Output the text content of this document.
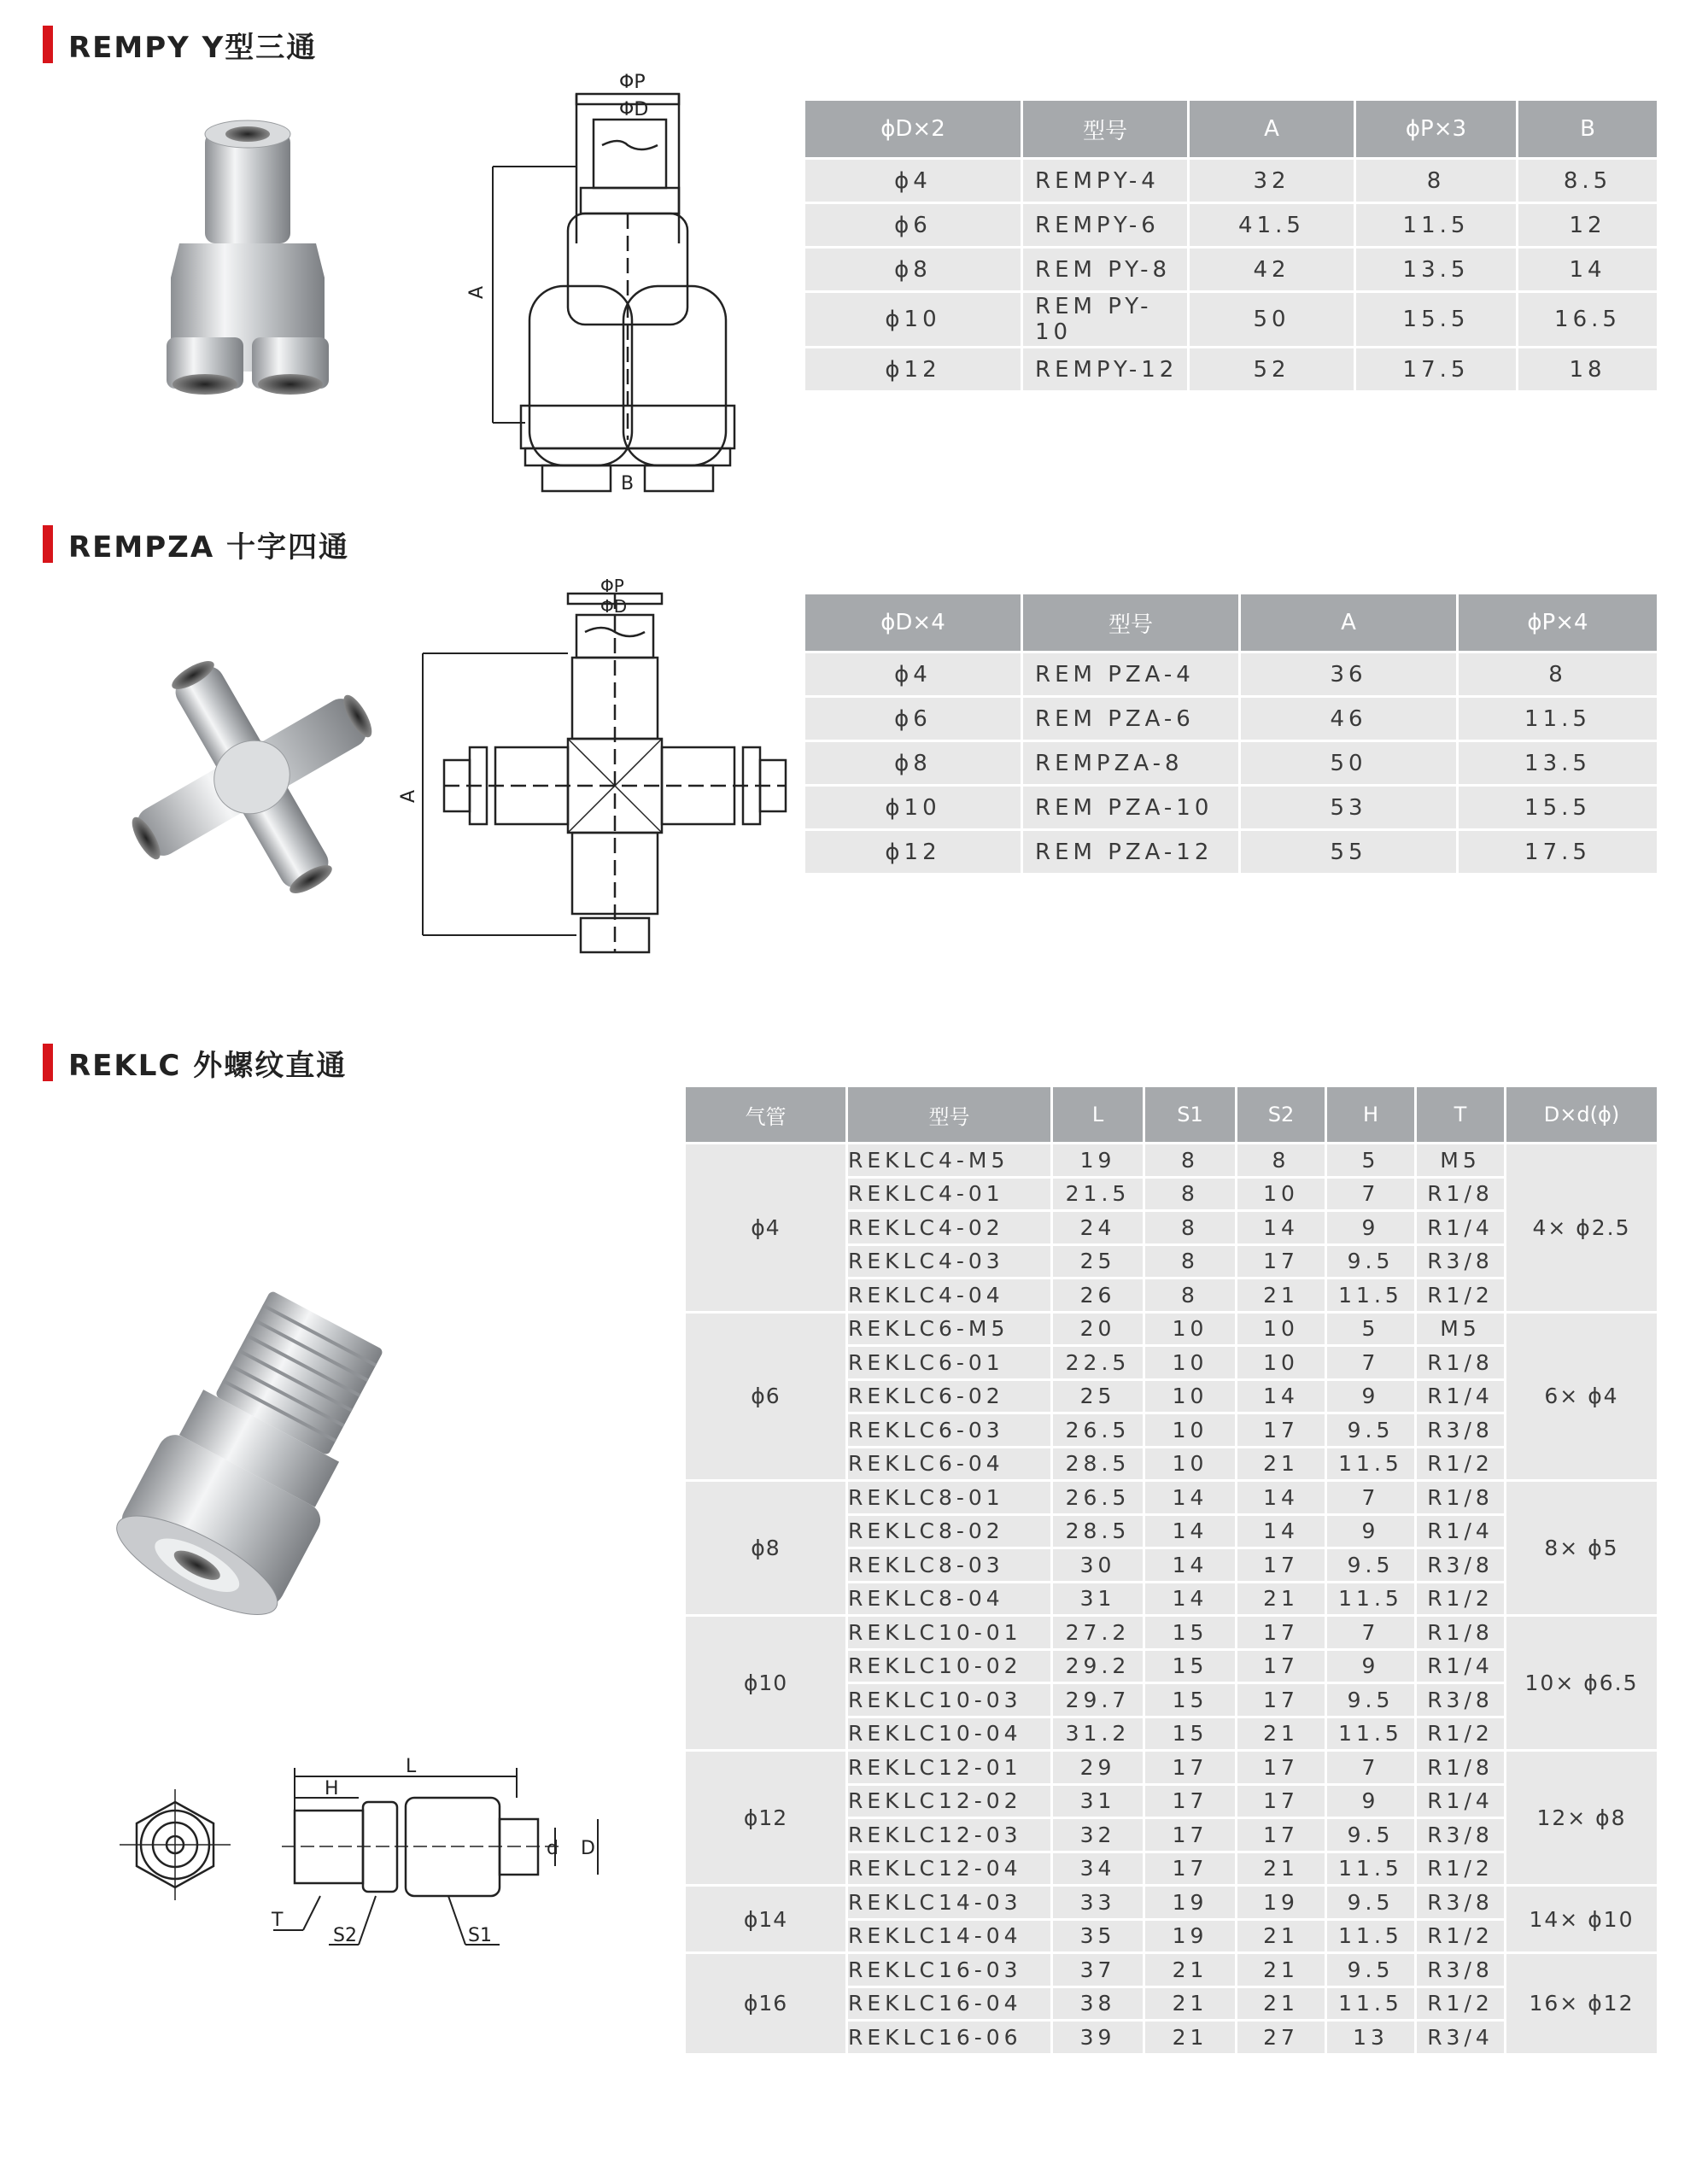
REMPY Y型三通
A
ΦP
ΦD
B
ϕD×2	型号	A	ϕP×3	B
ϕ4	REMPY-4	32	8	8.5
ϕ6	REMPY-6	41.5	11.5	12
ϕ8	REM PY-8	42	13.5	14
ϕ10	REM PY-10	50	15.5	16.5
ϕ12	REMPY-12	52	17.5	18
REMPZA 十字四通
A
ΦP
ΦD
ϕD×4	型号	A	ϕP×4
ϕ4	REM PZA-4	36	8
ϕ6	REM PZA-6	46	11.5
ϕ8	REMPZA-8	50	13.5
ϕ10	REM PZA-10	53	15.5
ϕ12	REM PZA-12	55	17.5
REKLC 外螺纹直通
L
H
T
S2	S1
d D
气管	型号	L	S1	S2	H	T	D×d(ϕ)
ϕ4	REKLC4-M5	19	8	8	5	M5	4× ϕ2.5
	REKLC4-01	21.5	8	10	7	R1/8	
	REKLC4-02	24	8	14	9	R1/4	
	REKLC4-03	25	8	17	9.5	R3/8	
	REKLC4-04	26	8	21	11.5	R1/2	
ϕ6	REKLC6-M5	20	10	10	5	M5	6× ϕ4
	REKLC6-01	22.5	10	10	7	R1/8	
	REKLC6-02	25	10	14	9	R1/4	
	REKLC6-03	26.5	10	17	9.5	R3/8	
	REKLC6-04	28.5	10	21	11.5	R1/2	
ϕ8	REKLC8-01	26.5	14	14	7	R1/8	8× ϕ5
	REKLC8-02	28.5	14	14	9	R1/4	
	REKLC8-03	30	14	17	9.5	R3/8	
	REKLC8-04	31	14	21	11.5	R1/2	
ϕ10	REKLC10-01	27.2	15	17	7	R1/8	10× ϕ6.5
	REKLC10-02	29.2	15	17	9	R1/4	
	REKLC10-03	29.7	15	17	9.5	R3/8	
	REKLC10-04	31.2	15	21	11.5	R1/2	
ϕ12	REKLC12-01	29	17	17	7	R1/8	12× ϕ8
	REKLC12-02	31	17	17	9	R1/4	
	REKLC12-03	32	17	17	9.5	R3/8	
	REKLC12-04	34	17	21	11.5	R1/2	
ϕ14	REKLC14-03	33	19	19	9.5	R3/8	14× ϕ10
	REKLC14-04	35	19	21	11.5	R1/2	
ϕ16	REKLC16-03	37	21	21	9.5	R3/8	16× ϕ12
	REKLC16-04	38	21	21	11.5	R1/2	
	REKLC16-06	39	21	27	13	R3/4	
